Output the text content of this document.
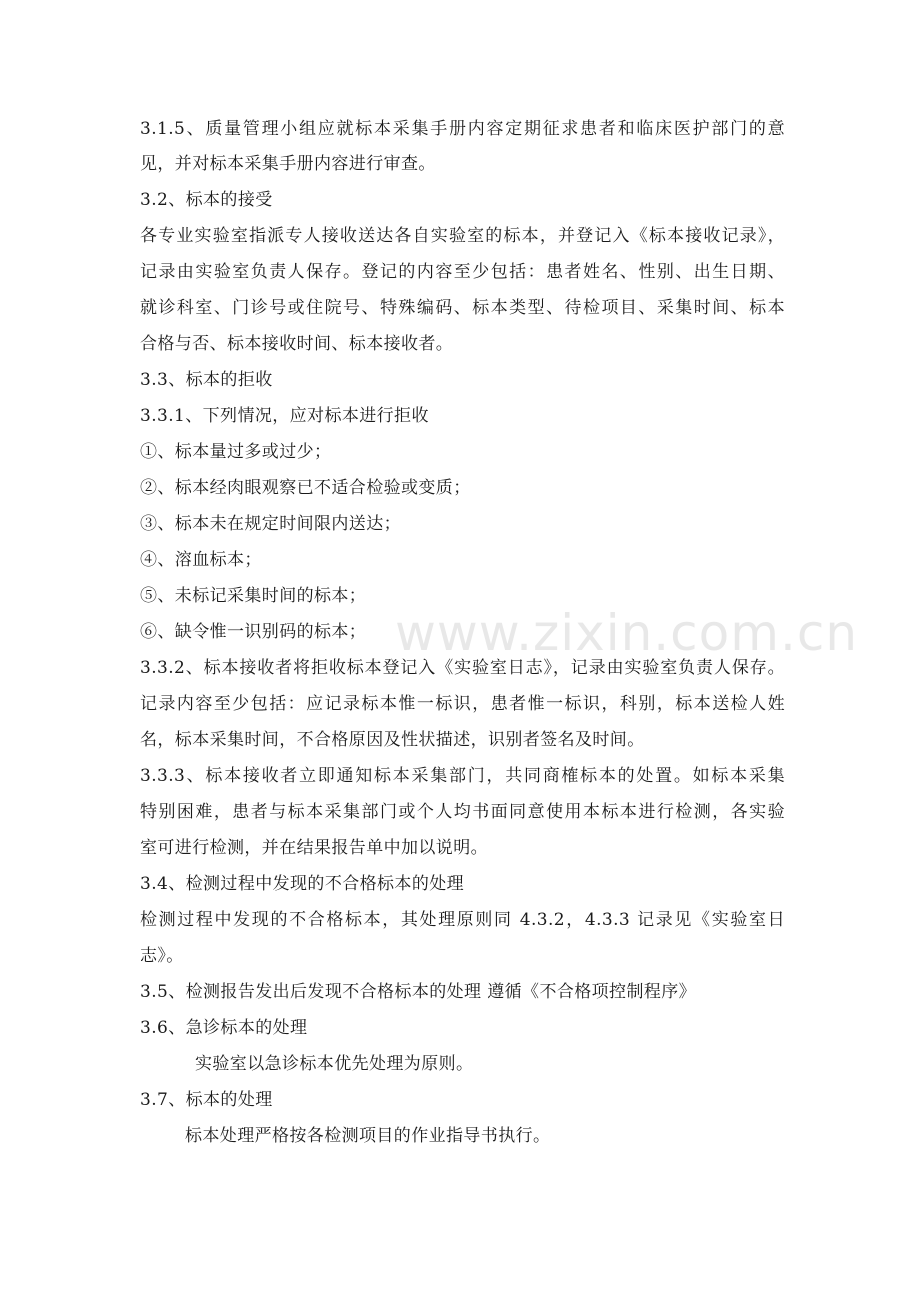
3.1.5、质量管理小组应就标本采集手册内容定期征求患者和临床医护部门的意
见，并对标本采集手册内容进行审查。
3.2、标本的接受
各专业实验室指派专人接收送达各自实验室的标本，并登记入《标本接收记录》，
记录由实验室负责人保存。登记的内容至少包括：患者姓名、性别、出生日期、
就诊科室、门诊号或住院号、特殊编码、标本类型、待检项目、采集时间、标本
合格与否、标本接收时间、标本接收者。
3.3、标本的拒收
3.3.1、下列情况，应对标本进行拒收
①、标本量过多或过少；
②、标本经肉眼观察已不适合检验或变质；
③、标本未在规定时间限内送达；
④、溶血标本；
⑤、未标记采集时间的标本；
⑥、缺令惟一识别码的标本；
3.3.2、标本接收者将拒收标本登记入《实验室日志》，记录由实验室负责人保存。
记录内容至少包括：应记录标本惟一标识，患者惟一标识，科别，标本送检人姓
名，标本采集时间，不合格原因及性状描述，识别者签名及时间。
3.3.3、标本接收者立即通知标本采集部门，共同商榷标本的处置。如标本采集
特别困难，患者与标本采集部门或个人均书面同意使用本标本进行检测，各实验
室可进行检测，并在结果报告单中加以说明。
3.4、检测过程中发现的不合格标本的处理
检测过程中发现的不合格标本，其处理原则同 4.3.2，4.3.3 记录见《实验室日
志》。
3.5、检测报告发出后发现不合格标本的处理 遵循《不合格项控制程序》
3.6、急诊标本的处理
实验室以急诊标本优先处理为原则。
3.7、标本的处理
标本处理严格按各检测项目的作业指导书执行。
www.zixin.com.cn
